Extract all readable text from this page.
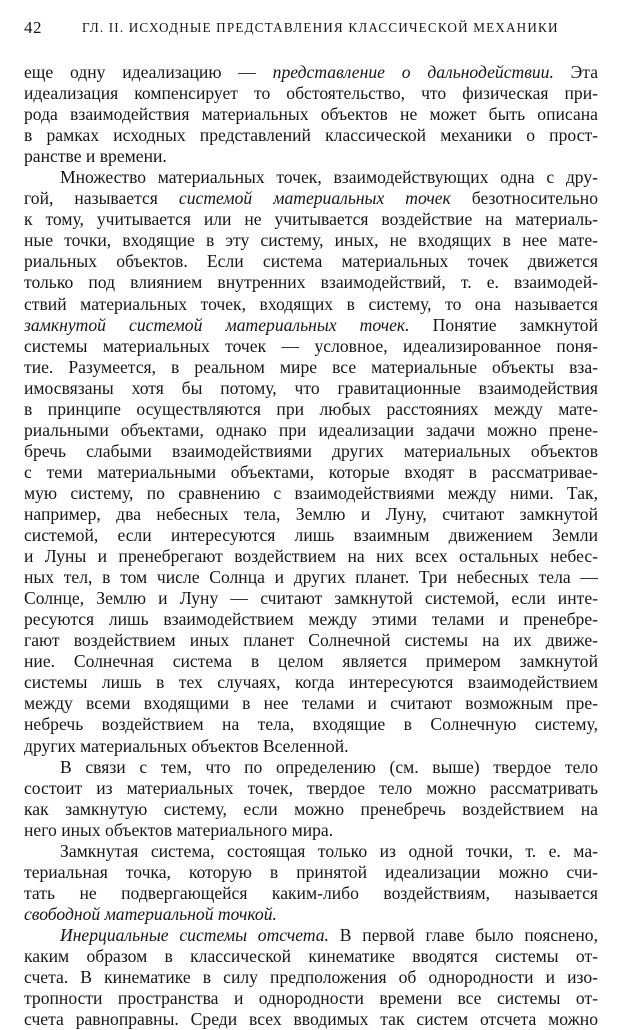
42	ГЛ. II. ИСХОДНЫЕ ПРЕДСТАВЛЕНИЯ КЛАССИЧЕСКОЙ МЕХАНИКИ
еще одну идеализацию — представление о дальнодействии. Эта
идеализация компенсирует то обстоятельство, что физическая при-
рода взаимодействия материальных объектов не может быть описана
в рамках исходных представлений классической механики о прост-
ранстве и времени.
Множество материальных точек, взаимодействующих одна с дру-
гой, называется системой материальных точек безотносительно
к тому, учитывается или не учитывается воздействие на материаль-
ные точки, входящие в эту систему, иных, не входящих в нее мате-
риальных объектов. Если система материальных точек движется
только под влиянием внутренних взаимодействий, т. е. взаимодей-
ствий материальных точек, входящих в систему, то она называется
замкнутой системой материальных точек. Понятие замкнутой
системы материальных точек — условное, идеализированное поня-
тие. Разумеется, в реальном мире все материальные объекты вза-
имосвязаны хотя бы потому, что гравитационные взаимодействия
в принципе осуществляются при любых расстояниях между мате-
риальными объектами, однако при идеализации задачи можно прене-
бречь слабыми взаимодействиями других материальных объектов
с теми материальными объектами, которые входят в рассматривае-
мую систему, по сравнению с взаимодействиями между ними. Так,
например, два небесных тела, Землю и Луну, считают замкнутой
системой, если интересуются лишь взаимным движением Земли
и Луны и пренебрегают воздействием на них всех остальных небес-
ных тел, в том числе Солнца и других планет. Три небесных тела —
Солнце, Землю и Луну — считают замкнутой системой, если инте-
ресуются лишь взаимодействием между этими телами и пренебре-
гают воздействием иных планет Солнечной системы на их движе-
ние. Солнечная система в целом является примером замкнутой
системы лишь в тех случаях, когда интересуются взаимодействием
между всеми входящими в нее телами и считают возможным пре-
небречь воздействием на тела, входящие в Солнечную систему,
других материальных объектов Вселенной.
В связи с тем, что по определению (см. выше) твердое тело
состоит из материальных точек, твердое тело можно рассматривать
как замкнутую систему, если можно пренебречь воздействием на
него иных объектов материального мира.
Замкнутая система, состоящая только из одной точки, т. е. ма-
териальная точка, которую в принятой идеализации можно счи-
тать не подвергающейся каким-либо воздействиям, называется
свободной материальной точкой.
Инерциальные системы отсчета. В первой главе было пояснено,
каким образом в классической кинематике вводятся системы от-
счета. В кинематике в силу предположения об однородности и изо-
тропности пространства и однородности времени все системы от-
счета равноправны. Среди всех вводимых так систем отсчета можно
